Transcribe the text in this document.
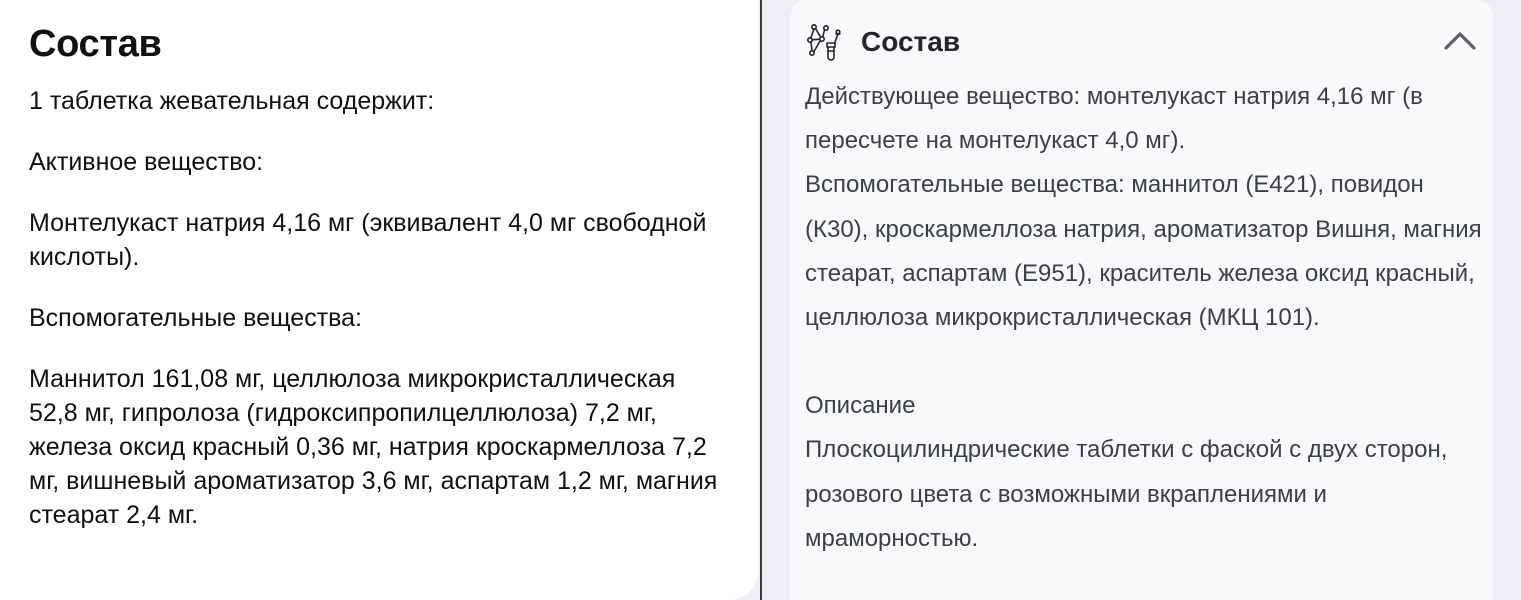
Состав

1 таблетка жевательная содержит:

Активное вещество:

Монтелукаст натрия 4,16 мг (эквивалент 4,0 мг свободной кислоты).

Вспомогательные вещества:

Маннитол 161,08 мг, целлюлоза микрокристаллическая 52,8 мг, гипролоза (гидроксипропилцеллюлоза) 7,2 мг, железа оксид красный 0,36 мг, натрия кроскармеллоза 7,2 мг, вишневый ароматизатор 3,6 мг, аспартам 1,2 мг, магния стеарат 2,4 мг.

Состав

Действующее вещество: монтелукаст натрия 4,16 мг (в пересчете на монтелукаст 4,0 мг).

Вспомогательные вещества: маннитол (E421), повидон (К30), кроскармеллоза натрия, ароматизатор Вишня, магния стеарат, аспартам (E951), краситель железа оксид красный, целлюлоза микрокристаллическая (МКЦ 101).

Описание

Плоскоцилиндрические таблетки с фаской с двух сторон, розового цвета с возможными вкраплениями и мраморностью.
